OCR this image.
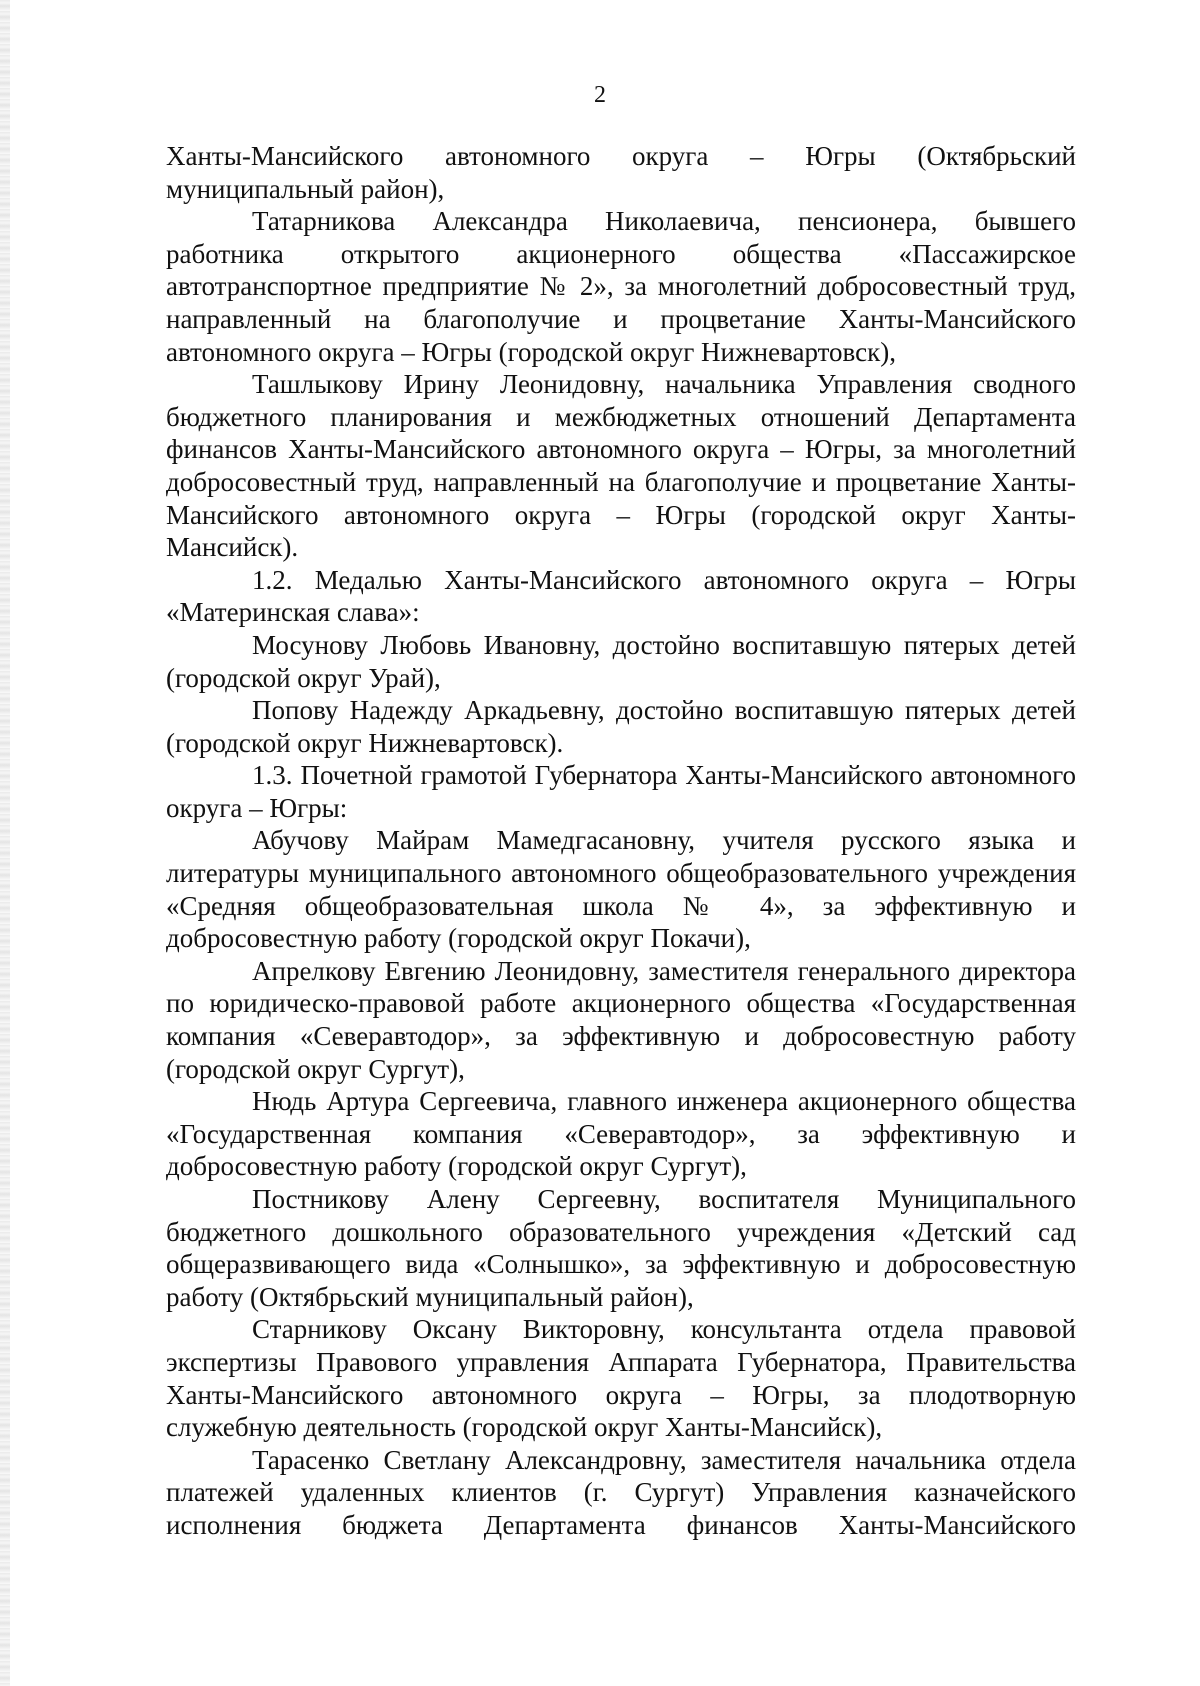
2

Ханты-Мансийского автономного округа – Югры (Октябрьский муниципальный район),

Татарникова Александра Николаевича, пенсионера, бывшего работника открытого акционерного общества «Пассажирское автотранспортное предприятие № 2», за многолетний добросовестный труд, направленный на благополучие и процветание Ханты-Мансийского автономного округа – Югры (городской округ Нижневартовск),

Ташлыкову Ирину Леонидовну, начальника Управления сводного бюджетного планирования и межбюджетных отношений Департамента финансов Ханты-Мансийского автономного округа – Югры, за многолетний добросовестный труд, направленный на благополучие и процветание Ханты-Мансийского автономного округа – Югры (городской округ Ханты-Мансийск).

1.2. Медалью Ханты-Мансийского автономного округа – Югры «Материнская слава»:

Мосунову Любовь Ивановну, достойно воспитавшую пятерых детей (городской округ Урай),

Попову Надежду Аркадьевну, достойно воспитавшую пятерых детей (городской округ Нижневартовск).

1.3. Почетной грамотой Губернатора Ханты-Мансийского автономного округа – Югры:

Абучову Майрам Мамедгасановну, учителя русского языка и литературы муниципального автономного общеобразовательного учреждения «Средняя общеобразовательная школа № 4», за эффективную и добросовестную работу (городской округ Покачи),

Апрелкову Евгению Леонидовну, заместителя генерального директора по юридическо-правовой работе акционерного общества «Государственная компания «Северавтодор», за эффективную и добросовестную работу (городской округ Сургут),

Нюдь Артура Сергеевича, главного инженера акционерного общества «Государственная компания «Северавтодор», за эффективную и добросовестную работу (городской округ Сургут),

Постникову Алену Сергеевну, воспитателя Муниципального бюджетного дошкольного образовательного учреждения «Детский сад общеразвивающего вида «Солнышко», за эффективную и добросовестную работу (Октябрьский муниципальный район),

Старникову Оксану Викторовну, консультанта отдела правовой экспертизы Правового управления Аппарата Губернатора, Правительства Ханты-Мансийского автономного округа – Югры, за плодотворную служебную деятельность (городской округ Ханты-Мансийск),

Тарасенко Светлану Александровну, заместителя начальника отдела платежей удаленных клиентов (г. Сургут) Управления казначейского исполнения бюджета Департамента финансов Ханты-Мансийского
